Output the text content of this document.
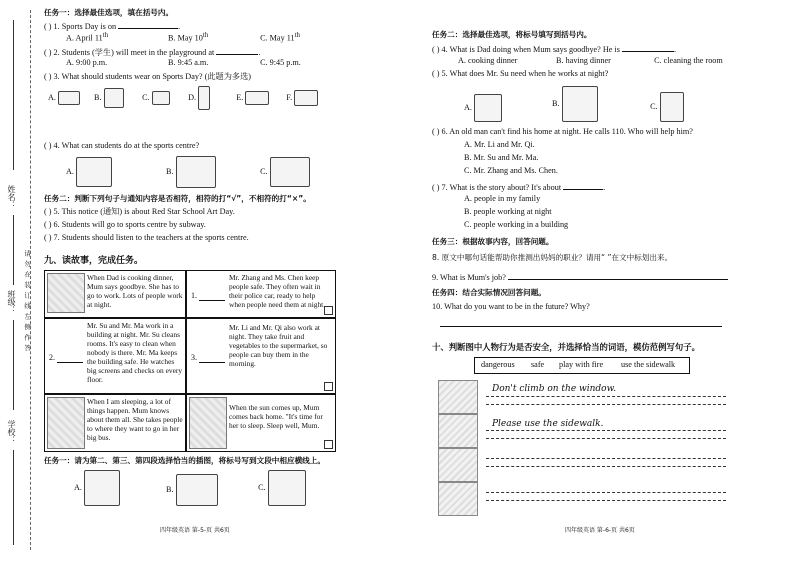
姓名：
班级：
学校：
请勿在装订线左侧作答
任务一：选择最佳选项，填在括号内。
( ) 1. Sports Day is on	.
A. April 11th	B. May 10th	C. May 11th
( ) 2. Students (学生) will meet in the playground at	.
A. 9:00 p.m.	B. 9:45 a.m.	C. 9:45 p.m.
( ) 3. What should students wear on Sports Day? (此题为多选)
A.	B.	C.	D.	E.	F.
( ) 4. What can students do at the sports centre?
A.	B.	C.
任务二：判断下列句子与通知内容是否相符，相符的打“√”，不相符的打“×”。
( ) 5. This notice (通知) is about Red Star School Art Day.
( ) 6. Students will go to sports centre by subway.
( ) 7. Students should listen to the teachers at the sports centre.
九、读故事，完成任务。
When Dad is cooking dinner, Mum says goodbye. She has to go to work. Lots of people work at night.
1.
Mr. Zhang and Ms. Chen keep people safe. They often wait in their police car, ready to help when people need them at night.
2.
Mr. Su and Mr. Ma work in a building at night. Mr. Su cleans rooms. It's easy to clean when nobody is there. Mr. Ma keeps the building safe. He watches big screens and checks on every floor.
3.
Mr. Li and Mr. Qi also work at night. They take fruit and vegetables to the supermarket, so people can buy them in the morning.
When I am sleeping, a lot of things happen. Mum knows about them all. She takes people to where they want to go in her big bus.
When the sun comes up, Mum comes back home. "It's time for her to sleep. Sleep well, Mum.
任务一：请为第二、第三、第四段选择恰当的插图，将标号写到文段中相应横线上。
A.	B.	C.
四年级英语 第-5-页 共6页
任务二：选择最佳选项，将标号填写到括号内。
( ) 4. What is Dad doing when Mum says goodbye? He is	.
A. cooking dinner	B. having dinner	C. cleaning the room
( ) 5. What does Mr. Su need when he works at night?
A.	B.	C.
( ) 6. An old man can't find his home at night. He calls 110. Who will help him?
A. Mr. Li and Mr. Qi.
B. Mr. Su and Mr. Ma.
C. Mr. Zhang and Ms. Chen.
( ) 7. What is the story about? It's about	.
A. people in my family
B. people working at night
C. people working in a building
任务三：根据故事内容，回答问题。
8. 原文中哪句话能帮助你推测出妈妈的职业？请用“ ”在文中标划出来。
9. What is Mum's job?
任务四：结合实际情况回答问题。
10. What do you want to be in the future? Why?
十、判断图中人物行为是否安全，并选择恰当的词语，模仿范例写句子。
dangerous safe play with fire use the sidewalk
Don't climb on the window.
Please use the sidewalk.
四年级英语 第-6-页 共6页
